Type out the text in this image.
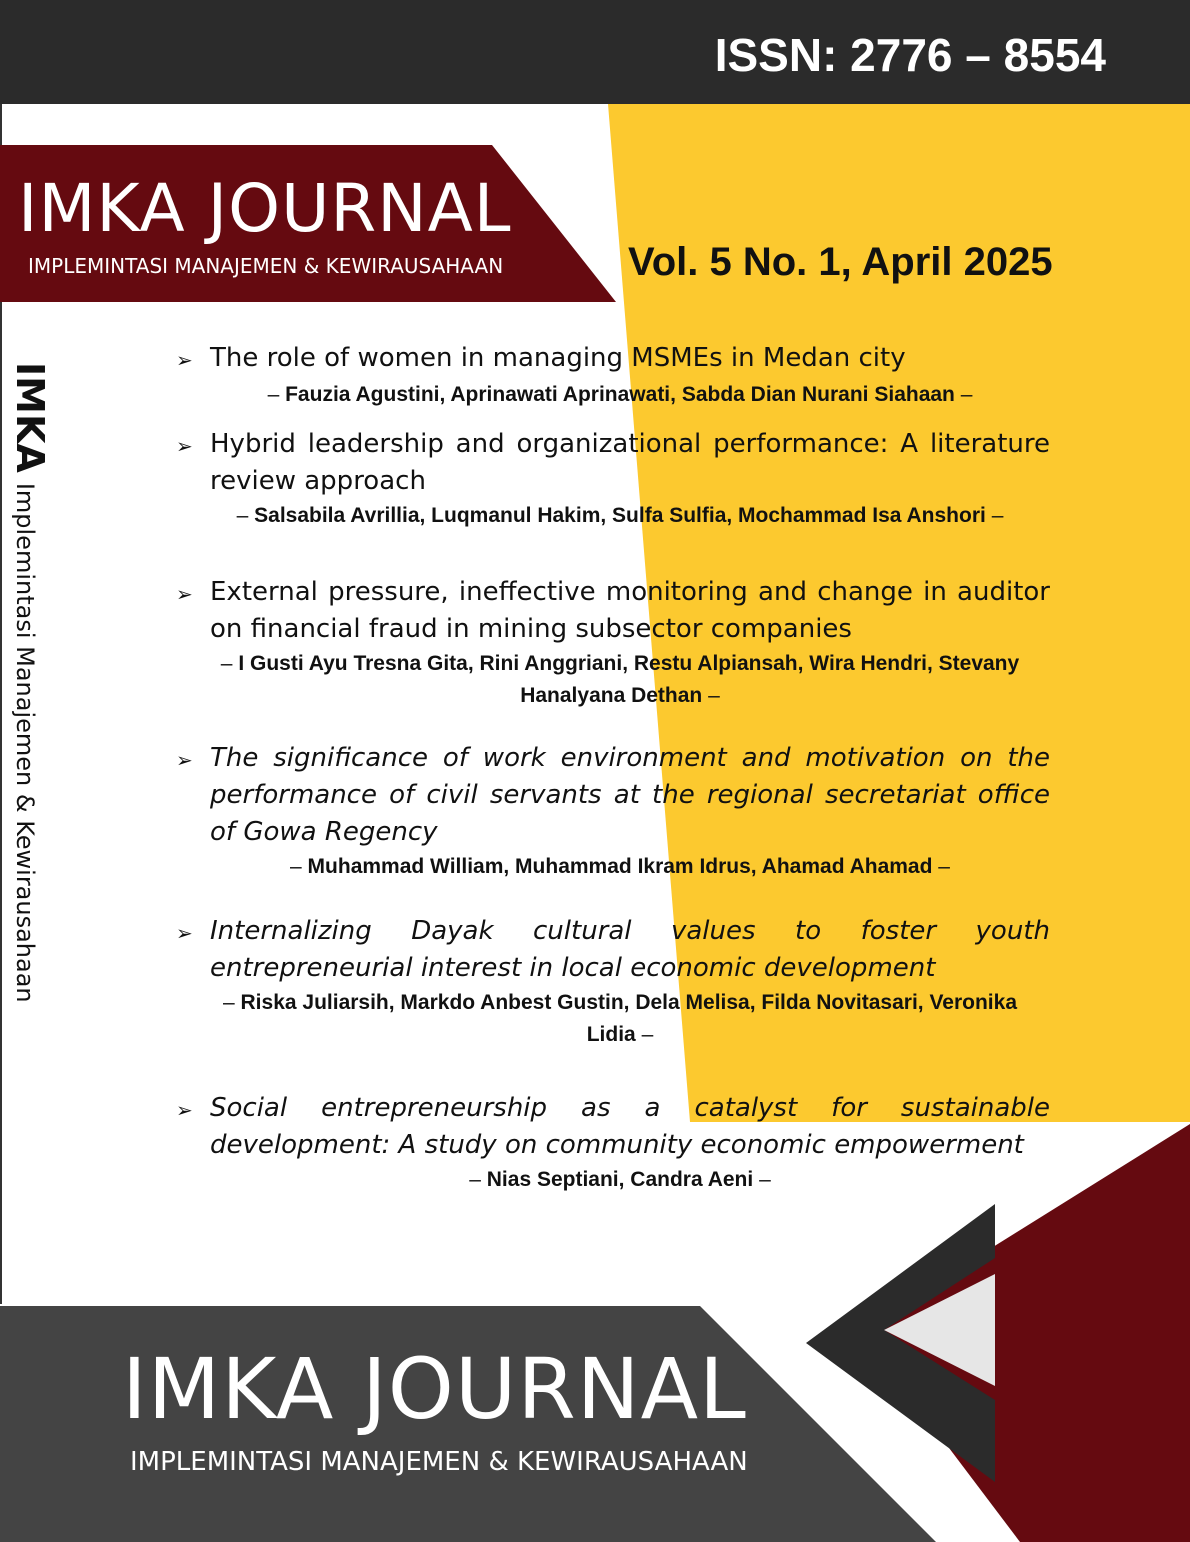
ISSN: 2776 – 8554
IMKA JOURNAL
IMPLEMINTASI MANAJEMEN & KEWIRAUSAHAAN	Vol. 5 No. 1, April 2025
IMKAImplemintasi Manajemen & Kewirausahaan
➢ The role of women in managing MSMEs in Medan city
– Fauzia Agustini, Aprinawati Aprinawati, Sabda Dian Nurani Siahaan –
➢ Hybrid leadership and organizational performance: A literature review approach
– Salsabila Avrillia, Luqmanul Hakim, Sulfa Sulfia, Mochammad Isa Anshori –
➢ External pressure, ineffective monitoring and change in auditor on financial fraud in mining subsector companies
– I Gusti Ayu Tresna Gita, Rini Anggriani, Restu Alpiansah, Wira Hendri, Stevany Hanalyana Dethan –
➢ The significance of work environment and motivation on the performance of civil servants at the regional secretariat office of Gowa Regency
– Muhammad William, Muhammad Ikram Idrus, Ahamad Ahamad –
➢ Internalizing Dayak cultural values to foster youth entrepreneurial interest in local economic development
– Riska Juliarsih, Markdo Anbest Gustin, Dela Melisa, Filda Novitasari, Veronika Lidia –
➢ Social entrepreneurship as a catalyst for sustainable development: A study on community economic empowerment
– Nias Septiani, Candra Aeni –
IMKA JOURNAL
IMPLEMINTASI MANAJEMEN & KEWIRAUSAHAAN
